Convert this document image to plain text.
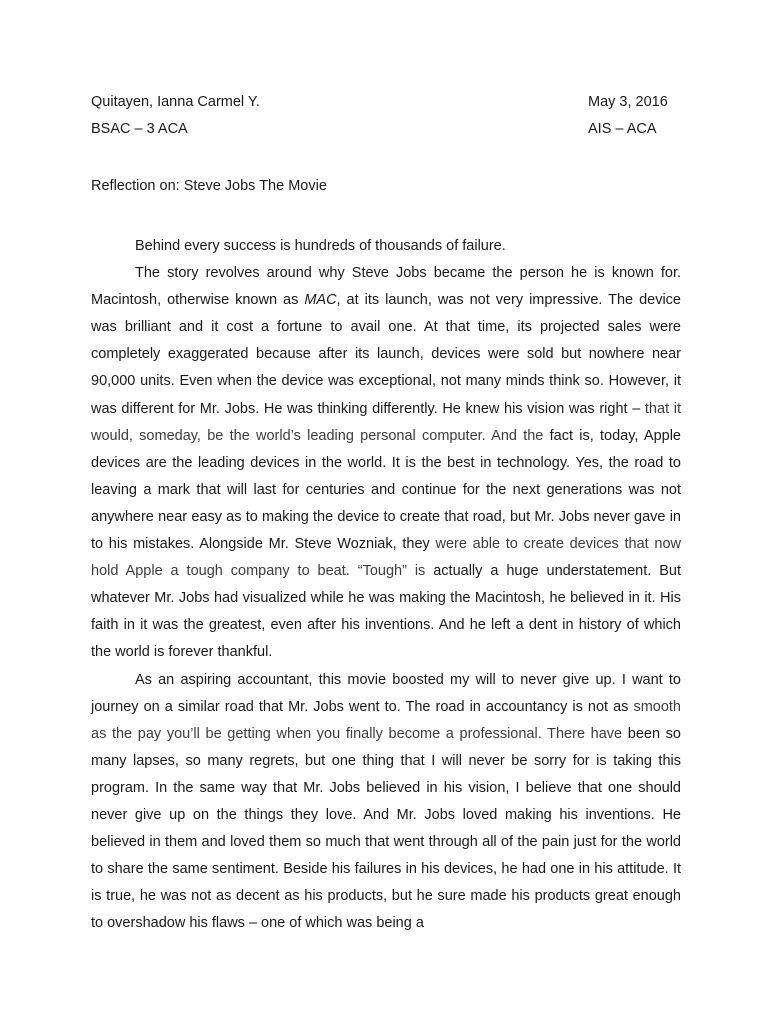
Quitayen, Ianna Carmel Y.	May 3, 2016
BSAC – 3 ACA	AIS – ACA
Reflection on: Steve Jobs The Movie

Behind every success is hundreds of thousands of failure.

The story revolves around why Steve Jobs became the person he is known for. Macintosh, otherwise known as MAC, at its launch, was not very impressive. The device was brilliant and it cost a fortune to avail one. At that time, its projected sales were completely exaggerated because after its launch, devices were sold but nowhere near 90,000 units. Even when the device was exceptional, not many minds think so. However, it was different for Mr. Jobs. He was thinking differently. He knew his vision was right – that it would, someday, be the world’s leading personal computer. And the fact is, today, Apple devices are the leading devices in the world. It is the best in technology. Yes, the road to leaving a mark that will last for centuries and continue for the next generations was not anywhere near easy as to making the device to create that road, but Mr. Jobs never gave in to his mistakes. Alongside Mr. Steve Wozniak, they were able to create devices that now hold Apple a tough company to beat. “Tough” is actually a huge understatement. But whatever Mr. Jobs had visualized while he was making the Macintosh, he believed in it. His faith in it was the greatest, even after his inventions. And he left a dent in history of which the world is forever thankful.

As an aspiring accountant, this movie boosted my will to never give up. I want to journey on a similar road that Mr. Jobs went to. The road in accountancy is not as smooth as the pay you’ll be getting when you finally become a professional. There have been so many lapses, so many regrets, but one thing that I will never be sorry for is taking this program. In the same way that Mr. Jobs believed in his vision, I believe that one should never give up on the things they love. And Mr. Jobs loved making his inventions. He believed in them and loved them so much that went through all of the pain just for the world to share the same sentiment. Beside his failures in his devices, he had one in his attitude. It is true, he was not as decent as his products, but he sure made his products great enough to overshadow his flaws – one of which was being a
